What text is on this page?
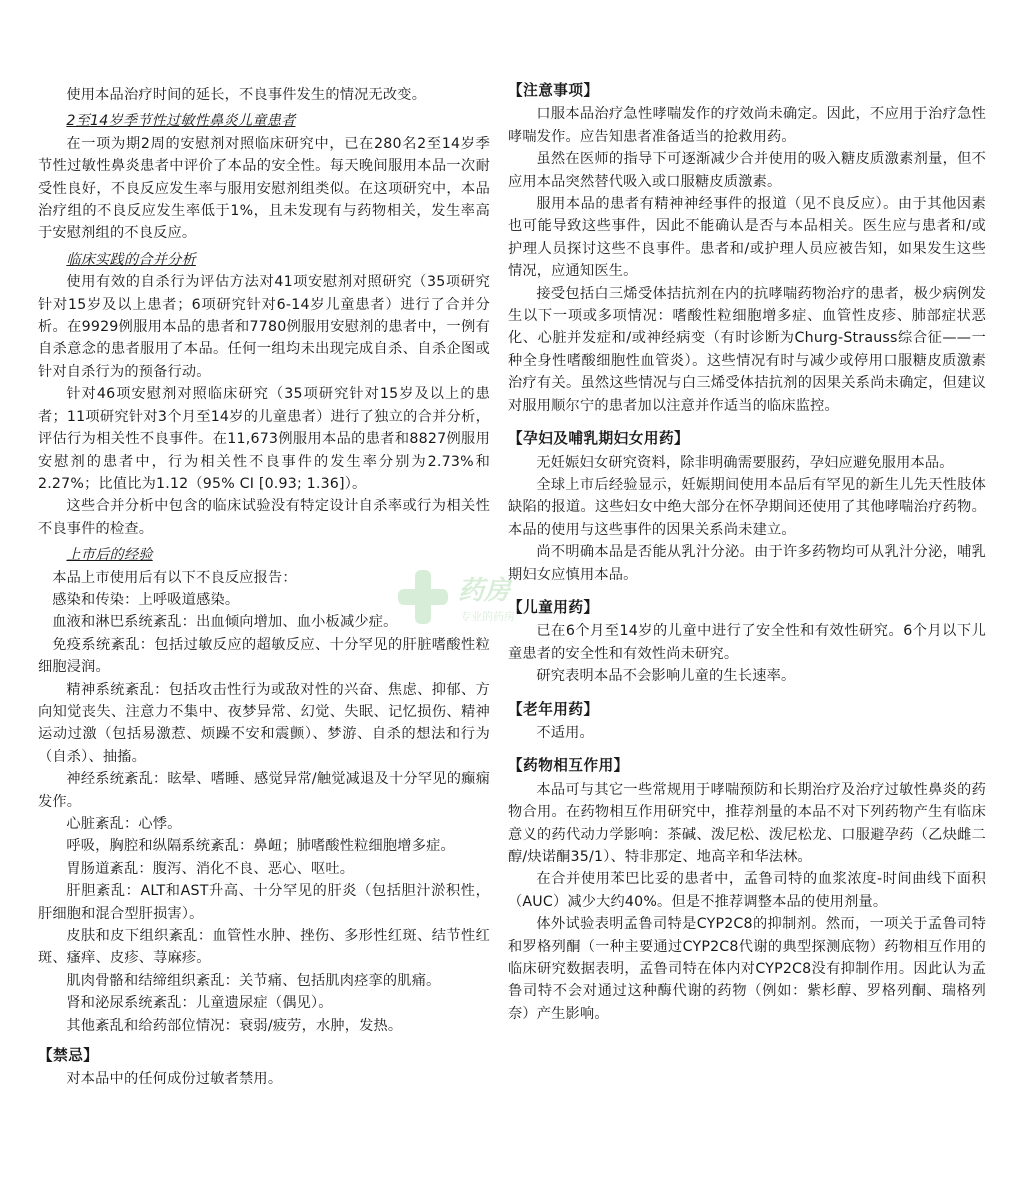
使用本品治疗时间的延长，不良事件发生的情况无改变。

2至14岁季节性过敏性鼻炎儿童患者

在一项为期2周的安慰剂对照临床研究中，已在280名2至14岁季节性过敏性鼻炎患者中评价了本品的安全性。每天晚间服用本品一次耐受性良好，不良反应发生率与服用安慰剂组类似。在这项研究中，本品治疗组的不良反应发生率低于1%，且未发现有与药物相关，发生率高于安慰剂组的不良反应。

临床实践的合并分析

使用有效的自杀行为评估方法对41项安慰剂对照研究（35项研究针对15岁及以上患者；6项研究针对6-14岁儿童患者）进行了合并分析。在9929例服用本品的患者和7780例服用安慰剂的患者中，一例有自杀意念的患者服用了本品。任何一组均未出现完成自杀、自杀企图或针对自杀行为的预备行动。

针对46项安慰剂对照临床研究（35项研究针对15岁及以上的患者；11项研究针对3个月至14岁的儿童患者）进行了独立的合并分析，评估行为相关性不良事件。在11,673例服用本品的患者和8827例服用安慰剂的患者中，行为相关性不良事件的发生率分别为2.73%和2.27%；比值比为1.12（95% CI [0.93; 1.36]）。

这些合并分析中包含的临床试验没有特定设计自杀率或行为相关性不良事件的检查。

上市后的经验

本品上市使用后有以下不良反应报告：

感染和传染：上呼吸道感染。

血液和淋巴系统紊乱：出血倾向增加、血小板减少症。

免疫系统紊乱：包括过敏反应的超敏反应、十分罕见的肝脏嗜酸性粒细胞浸润。

精神系统紊乱：包括攻击性行为或敌对性的兴奋、焦虑、抑郁、方向知觉丧失、注意力不集中、夜梦异常、幻觉、失眠、记忆损伤、精神运动过激（包括易激惹、烦躁不安和震颤）、梦游、自杀的想法和行为（自杀）、抽搐。

神经系统紊乱：眩晕、嗜睡、感觉异常/触觉减退及十分罕见的癫痫发作。

心脏紊乱：心悸。

呼吸，胸腔和纵隔系统紊乱：鼻衄；肺嗜酸性粒细胞增多症。

胃肠道紊乱：腹泻、消化不良、恶心、呕吐。

肝胆紊乱：ALT和AST升高、十分罕见的肝炎（包括胆汁淤积性，肝细胞和混合型肝损害）。

皮肤和皮下组织紊乱：血管性水肿、挫伤、多形性红斑、结节性红斑、瘙痒、皮疹、荨麻疹。

肌肉骨骼和结缔组织紊乱：关节痛、包括肌肉痉挛的肌痛。

肾和泌尿系统紊乱：儿童遗尿症（偶见）。

其他紊乱和给药部位情况：衰弱/疲劳，水肿，发热。

【禁忌】

对本品中的任何成份过敏者禁用。

【注意事项】

口服本品治疗急性哮喘发作的疗效尚未确定。因此，不应用于治疗急性哮喘发作。应告知患者准备适当的抢救用药。

虽然在医师的指导下可逐渐减少合并使用的吸入糖皮质激素剂量，但不应用本品突然替代吸入或口服糖皮质激素。

服用本品的患者有精神神经事件的报道（见不良反应）。由于其他因素也可能导致这些事件，因此不能确认是否与本品相关。医生应与患者和/或护理人员探讨这些不良事件。患者和/或护理人员应被告知，如果发生这些情况，应通知医生。

接受包括白三烯受体拮抗剂在内的抗哮喘药物治疗的患者，极少病例发生以下一项或多项情况：嗜酸性粒细胞增多症、血管性皮疹、肺部症状恶化、心脏并发症和/或神经病变（有时诊断为Churg-Strauss综合征——一种全身性嗜酸细胞性血管炎）。这些情况有时与减少或停用口服糖皮质激素治疗有关。虽然这些情况与白三烯受体拮抗剂的因果关系尚未确定，但建议对服用顺尔宁的患者加以注意并作适当的临床监控。

【孕妇及哺乳期妇女用药】

无妊娠妇女研究资料，除非明确需要服药，孕妇应避免服用本品。

全球上市后经验显示，妊娠期间使用本品后有罕见的新生儿先天性肢体缺陷的报道。这些妇女中绝大部分在怀孕期间还使用了其他哮喘治疗药物。本品的使用与这些事件的因果关系尚未建立。

尚不明确本品是否能从乳汁分泌。由于许多药物均可从乳汁分泌，哺乳期妇女应慎用本品。

【儿童用药】

已在6个月至14岁的儿童中进行了安全性和有效性研究。6个月以下儿童患者的安全性和有效性尚未研究。

研究表明本品不会影响儿童的生长速率。

【老年用药】

不适用。

【药物相互作用】

本品可与其它一些常规用于哮喘预防和长期治疗及治疗过敏性鼻炎的药物合用。在药物相互作用研究中，推荐剂量的本品不对下列药物产生有临床意义的药代动力学影响：茶碱、泼尼松、泼尼松龙、口服避孕药（乙炔雌二醇/炔诺酮35/1）、特非那定、地高辛和华法林。

在合并使用苯巴比妥的患者中，孟鲁司特的血浆浓度-时间曲线下面积（AUC）减少大约40%。但是不推荐调整本品的使用剂量。

体外试验表明孟鲁司特是CYP2C8的抑制剂。然而，一项关于孟鲁司特和罗格列酮（一种主要通过CYP2C8代谢的典型探测底物）药物相互作用的临床研究数据表明，孟鲁司特在体内对CYP2C8没有抑制作用。因此认为孟鲁司特不会对通过这种酶代谢的药物（例如：紫杉醇、罗格列酮、瑞格列奈）产生影响。

药房
专业的药房
